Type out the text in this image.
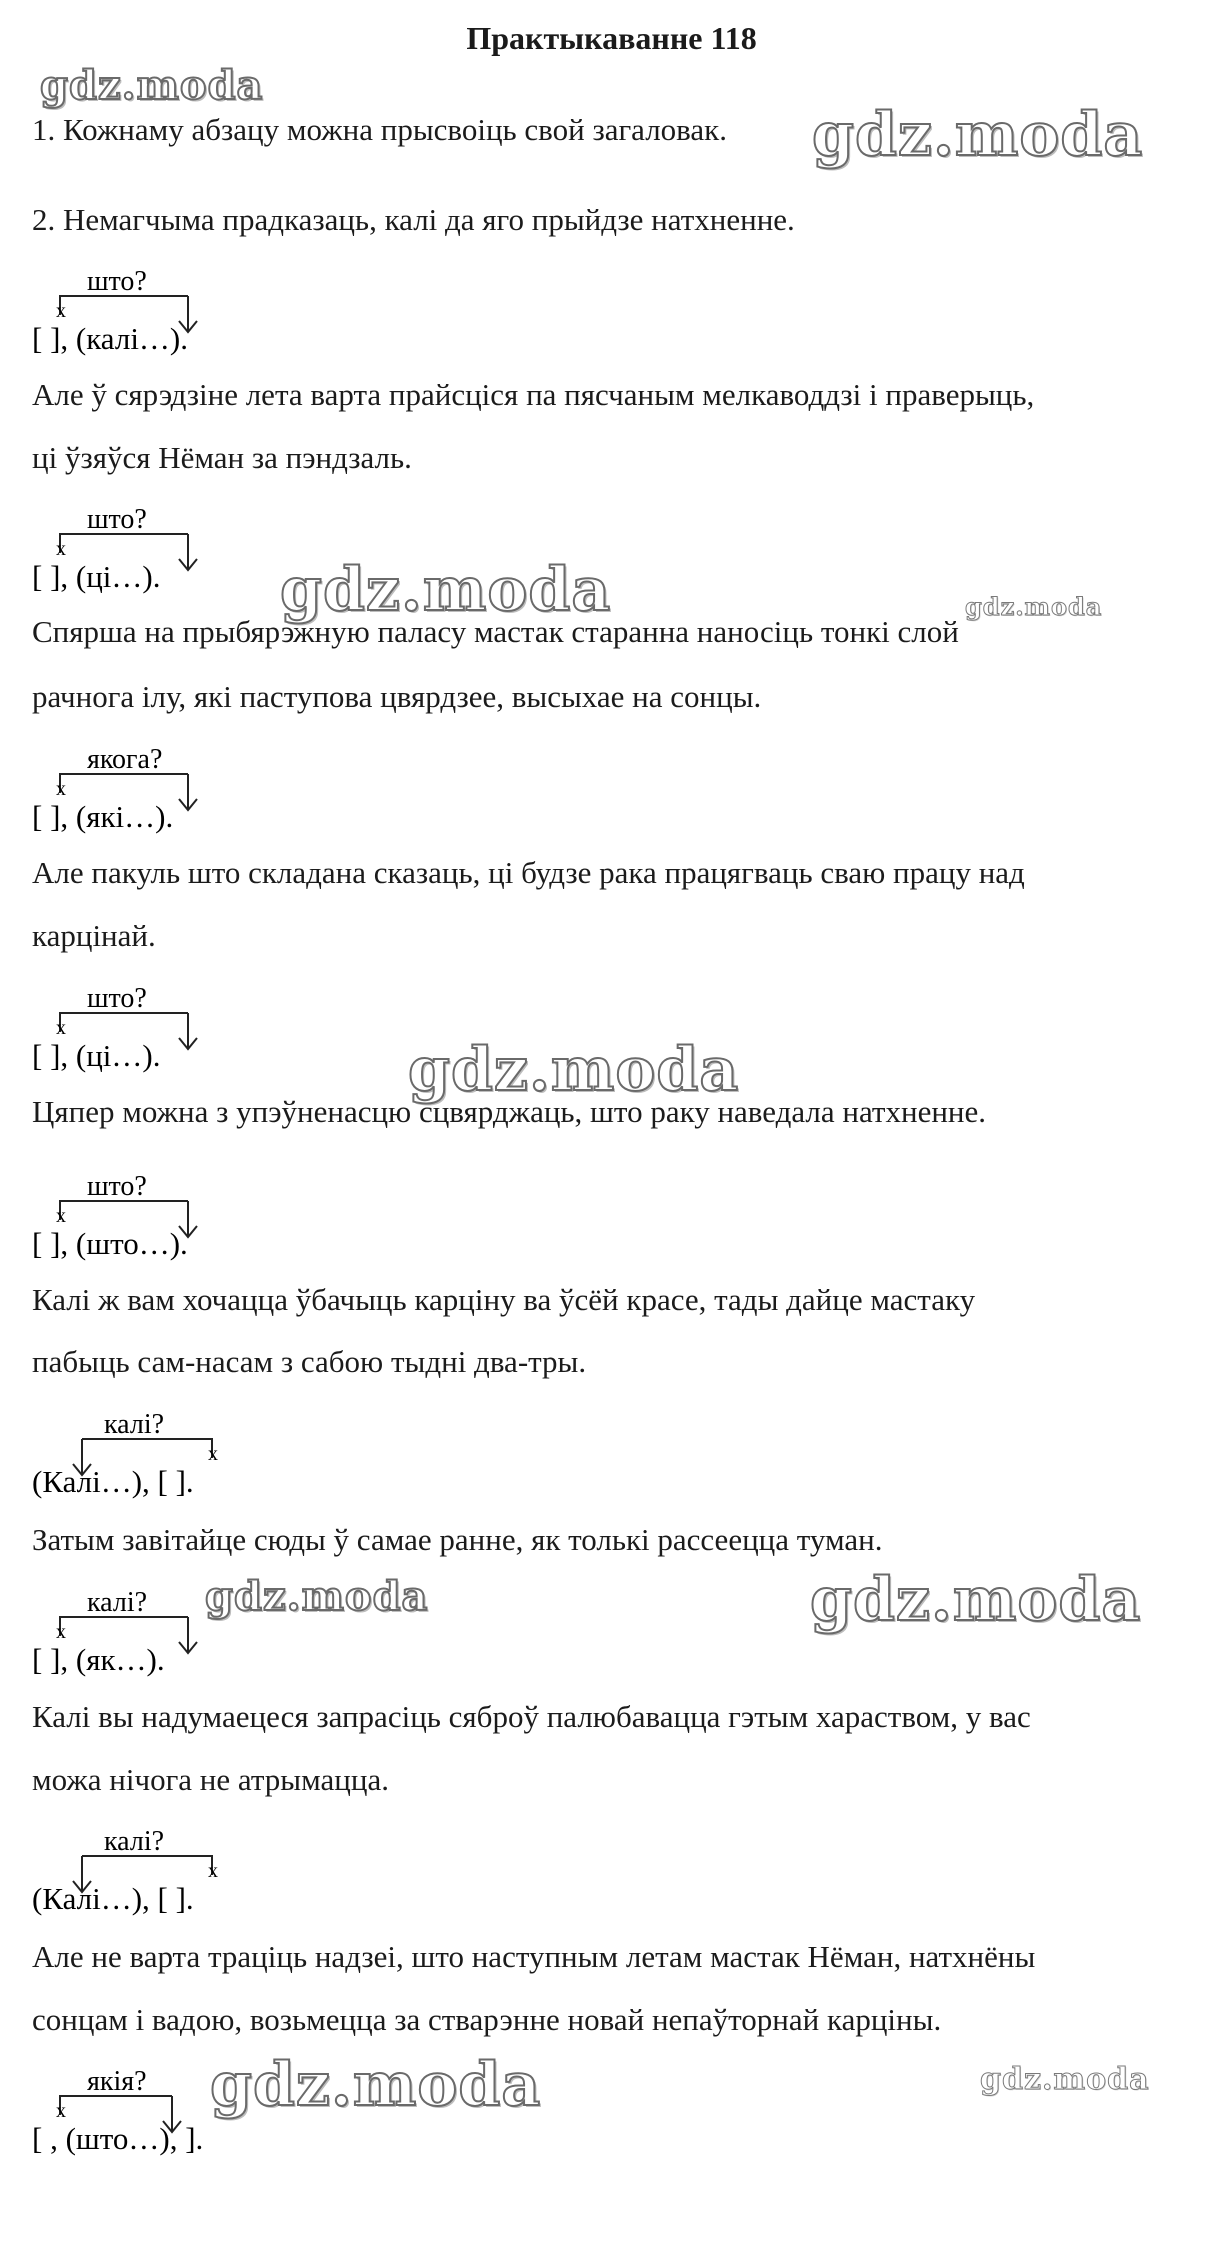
Практыкаванне 118
1. Кожнаму абзацу можна прысвоіць свой загаловак.
2. Немагчыма прадказаць, калі да яго прыйдзе натхненне.
Але ў сярэдзіне лета варта прайсціся па пясчаным мелкаводдзі і праверыць,
ці ўзяўся Нёман за пэндзаль.
Спярша на прыбярэжную паласу мастак старанна наносіць тонкі слой
рачнога ілу, які паступова цвярдзее, высыхае на сонцы.
Але пакуль што складана сказаць, ці будзе рака працягваць сваю працу над
карцінай.
Цяпер можна з упэўненасцю сцвярджаць, што раку наведала натхненне.
Калі ж вам хочацца ўбачыць карціну ва ўсёй красе, тады дайце мастаку
пабыць сам-насам з сабою тыдні два-тры.
Затым завітайце сюды ў самае ранне, як толькі рассеецца туман.
Калі вы надумаецеся запрасіць сяброў палюбавацца гэтым хараством, у вас
можа нічога не атрымацца.
Але не варта траціць надзеі, што наступным летам мастак Нёман, натхнёны
сонцам і вадою, возьмецца за стварэнне новай непаўторнай карціны.
што?
x
[ ], (калі…).
што?
x
[ ], (ці…).
якога?
x
[ ], (які…).
што?
x
[ ], (ці…).
што?
x
[ ], (што…).
калі?
x
(Калі…), [ ].
калі?
x
[ ], (як…).
калі?
x
(Калі…), [ ].
якія?
x
[ , (што…), ].
gdz.moda
gdz.moda
gdz.moda	gdz.moda
gdz.moda
gdz.moda	gdz.moda
gdz.moda	gdz.moda
